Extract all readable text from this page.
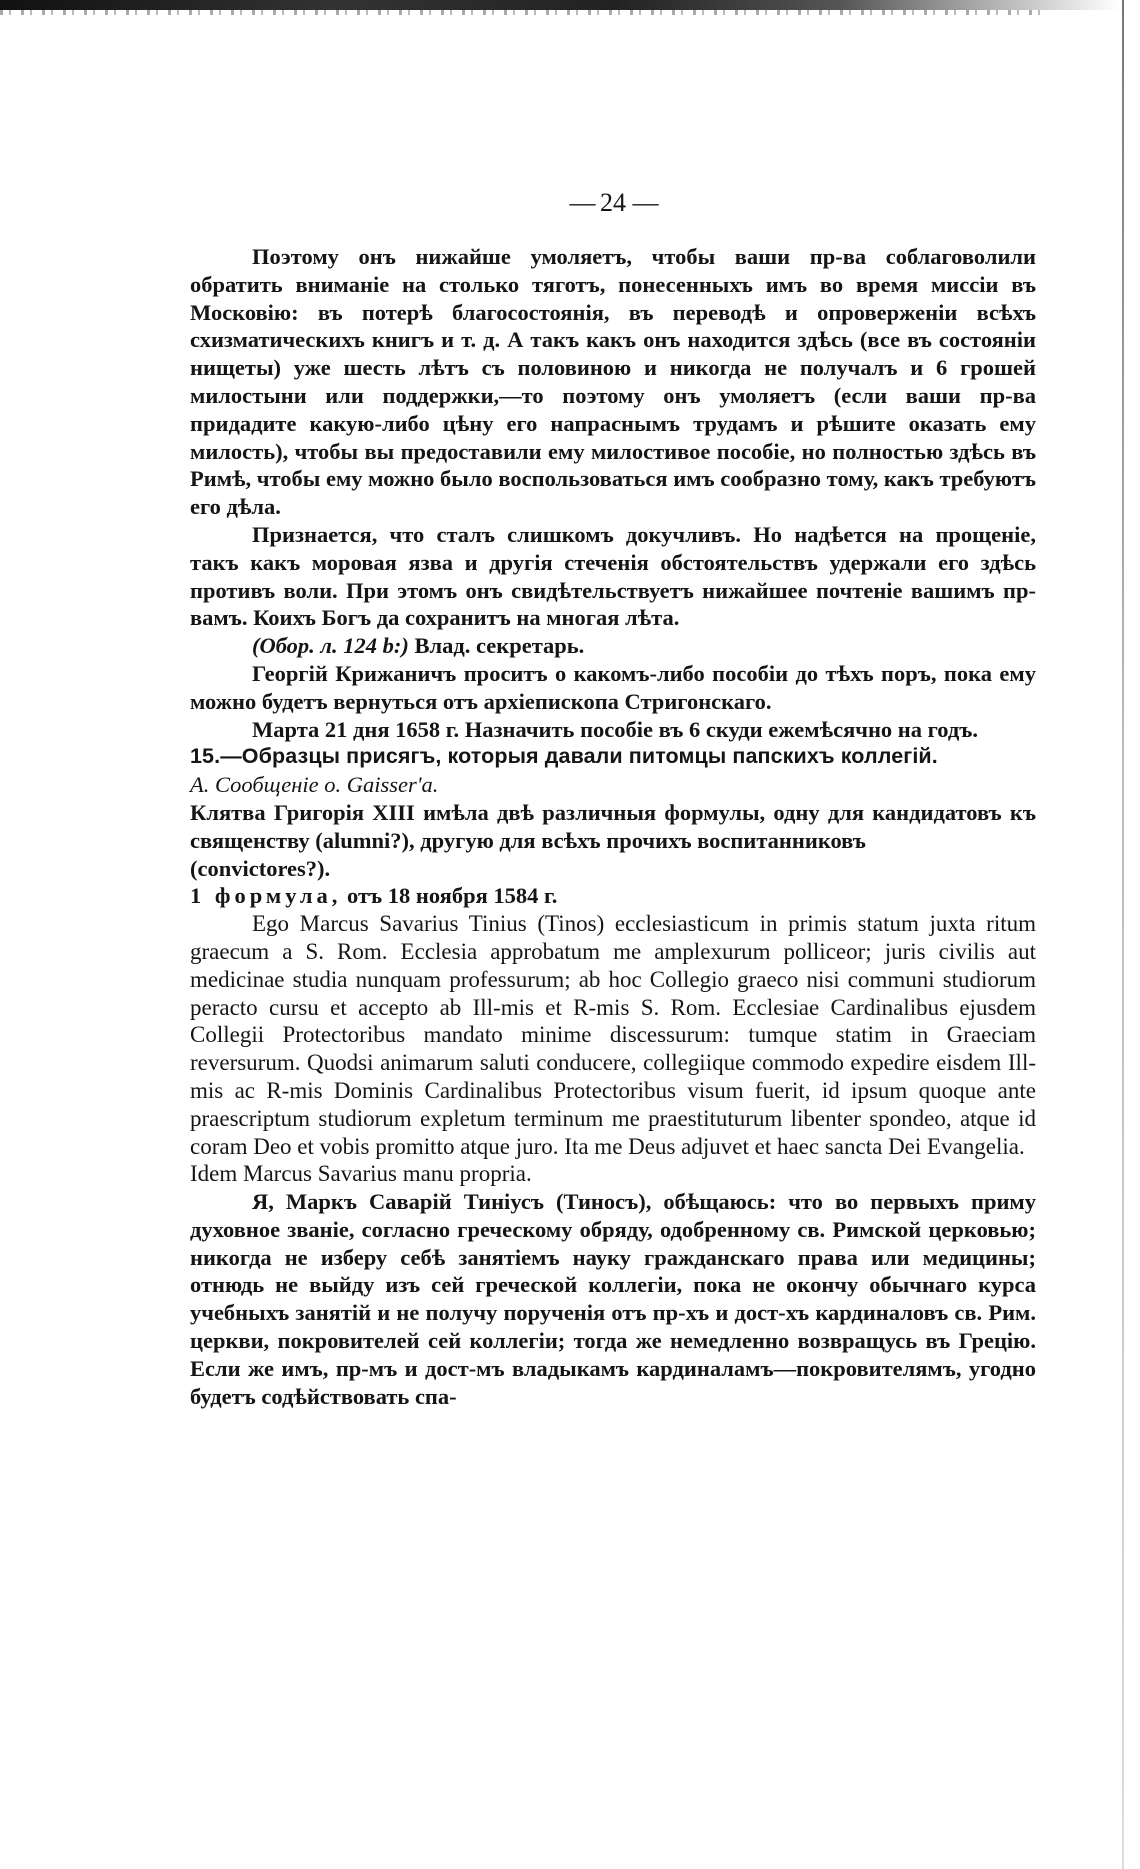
— 24 —

Поэтому онъ нижайше умоляетъ, чтобы ваши пр-ва соблаговолили обратить вниманіе на столько тяготъ, понесенныхъ имъ во время миссіи въ Московію: въ потерѣ благосостоянія, въ переводѣ и опроверженіи всѣхъ схизматическихъ книгъ и т. д. А такъ какъ онъ находится здѣсь (все въ состояніи нищеты) уже шесть лѣтъ съ половиною и никогда не получалъ и 6 грошей милостыни или поддержки,—то поэтому онъ умоляетъ (если ваши пр-ва придадите какую-либо цѣну его напраснымъ трудамъ и рѣшите оказать ему милость), чтобы вы предоставили ему милостивое пособіе, но полностью здѣсь въ Римѣ, чтобы ему можно было воспользоваться имъ сообразно тому, какъ требуютъ его дѣла.

Признается, что сталъ слишкомъ докучливъ. Но надѣется на прощеніе, такъ какъ моровая язва и другія стеченія обстоятельствъ удержали его здѣсь противъ воли. При этомъ онъ свидѣтельствуетъ нижайшее почтеніе вашимъ пр-вамъ. Коихъ Богъ да сохранитъ на многая лѣта.

(Обор. л. 124 b:) Влад. секретарь.

Георгій Крижаничъ проситъ о какомъ-либо пособіи до тѣхъ поръ, пока ему можно будетъ вернуться отъ архіепископа Стригонскаго.

Марта 21 дня 1658 г. Назначить пособіе въ 6 скуди ежемѣсячно на годъ.

15.—Образцы присягъ, которыя давали питомцы папскихъ коллегій.

А. Сообщеніе о. Gaisser'а.

Клятва Григорія XIII имѣла двѣ различныя формулы, одну для кандидатовъ къ священству (alumni?), другую для всѣхъ прочихъ воспитанниковъ

(convictores?).

1 формула, отъ 18 ноября 1584 г.

Ego Marcus Savarius Tinius (Tinos) ecclesiasticum in primis statum juxta ritum graecum a S. Rom. Ecclesia approbatum me amplexurum polliceor; juris civilis aut medicinae studia nunquam professurum; ab hoc Collegio graeco nisi communi studiorum peracto cursu et accepto ab Ill-mis et R-mis S. Rom. Ecclesiae Cardinalibus ejusdem Collegii Protectoribus mandato minime discessurum: tumque statim in Graeciam reversurum. Quodsi animarum saluti conducere, collegiique commodo expedire eisdem Ill-mis ac R-mis Dominis Cardinalibus Protectoribus visum fuerit, id ipsum quoque ante praescriptum studiorum expletum terminum me praestituturum libenter spondeo, atque id coram Deo et vobis promitto atque juro. Ita me Deus adjuvet et haec sancta Dei Evangelia.

Idem Marcus Savarius manu propria.

Я, Маркъ Саварій Тиніусъ (Тиносъ), обѣщаюсь: что во первыхъ приму духовное званіе, согласно греческому обряду, одобренному св. Римской церковью; никогда не изберу себѣ занятіемъ науку гражданскаго права или медицины; отнюдь не выйду изъ сей греческой коллегіи, пока не окончу обычнаго курса учебныхъ занятій и не получу порученія отъ пр-хъ и дост-хъ кардиналовъ св. Рим. церкви, покровителей сей коллегіи; тогда же немедленно возвращусь въ Грецію. Если же имъ, пр-мъ и дост-мъ владыкамъ кардиналамъ—покровителямъ, угодно будетъ содѣйствовать спа-
